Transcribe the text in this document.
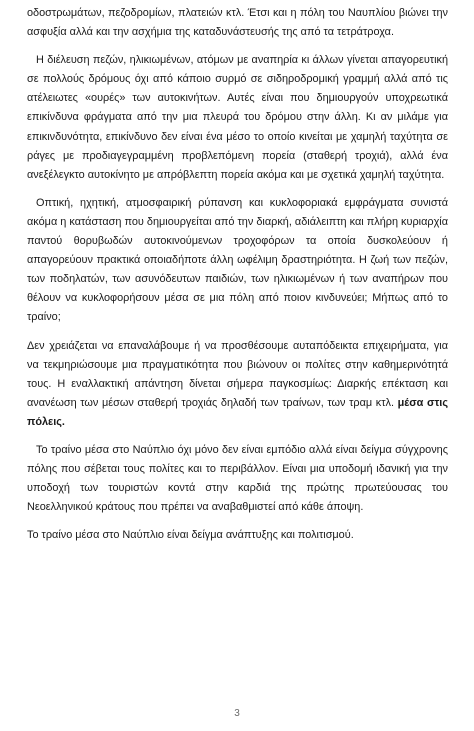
οδοστρωμάτων, πεζοδρομίων, πλατειών κτλ. Έτσι και η πόλη του Ναυπλίου βιώνει την ασφυξία αλλά και την ασχήμια της καταδυνάστευσής της από τα τετράτροχα.

Η διέλευση πεζών, ηλικιωμένων, ατόμων με αναπηρία κι άλλων γίνεται απαγορευτική σε πολλούς δρόμους όχι από κάποιο συρμό σε σιδηροδρομική γραμμή αλλά από τις ατέλειωτες «ουρές» των αυτοκινήτων. Αυτές είναι που δημιουργούν υποχρεωτικά επικίνδυνα φράγματα από την μια πλευρά του δρόμου στην άλλη. Κι αν μιλάμε για επικινδυνότητα, επικίνδυνο δεν είναι ένα μέσο το οποίο κινείται με χαμηλή ταχύτητα σε ράγες με προδιαγεγραμμένη προβλεπόμενη πορεία (σταθερή τροχιά), αλλά ένα ανεξέλεγκτο αυτοκίνητο με απρόβλεπτη πορεία ακόμα και με σχετικά χαμηλή ταχύτητα.

Οπτική, ηχητική, ατμοσφαιρική ρύπανση και κυκλοφοριακά εμφράγματα συνιστά ακόμα η κατάσταση που δημιουργείται από την διαρκή, αδιάλειπτη και πλήρη κυριαρχία παντού θορυβωδών αυτοκινούμενων τροχοφόρων τα οποία δυσκολεύουν ή απαγορεύουν πρακτικά οποιαδήποτε άλλη ωφέλιμη δραστηριότητα. Η ζωή των πεζών, των ποδηλατών, των ασυνόδευτων παιδιών, των ηλικιωμένων ή των αναπήρων που θέλουν να κυκλοφορήσουν μέσα σε μια πόλη από ποιον κινδυνεύει; Μήπως από το τραίνο;

Δεν χρειάζεται να επαναλάβουμε ή να προσθέσουμε αυταπόδεικτα επιχειρήματα, για να τεκμηριώσουμε μια πραγματικότητα που βιώνουν οι πολίτες στην καθημερινότητά τους. Η εναλλακτική απάντηση δίνεται σήμερα παγκοσμίως: Διαρκής επέκταση και ανανέωση των μέσων σταθερή τροχιάς δηλαδή των τραίνων, των τραμ κτλ. μέσα στις πόλεις.

Το τραίνο μέσα στο Ναύπλιο όχι μόνο δεν είναι εμπόδιο αλλά είναι δείγμα σύγχρονης πόλης που σέβεται τους πολίτες και το περιβάλλον. Είναι μια υποδομή ιδανική για την υποδοχή των τουριστών κοντά στην καρδιά της πρώτης πρωτεύουσας του Νεοελληνικού κράτους που πρέπει να αναβαθμιστεί από κάθε άποψη.

Το τραίνο μέσα στο Ναύπλιο είναι δείγμα ανάπτυξης και πολιτισμού.

3
